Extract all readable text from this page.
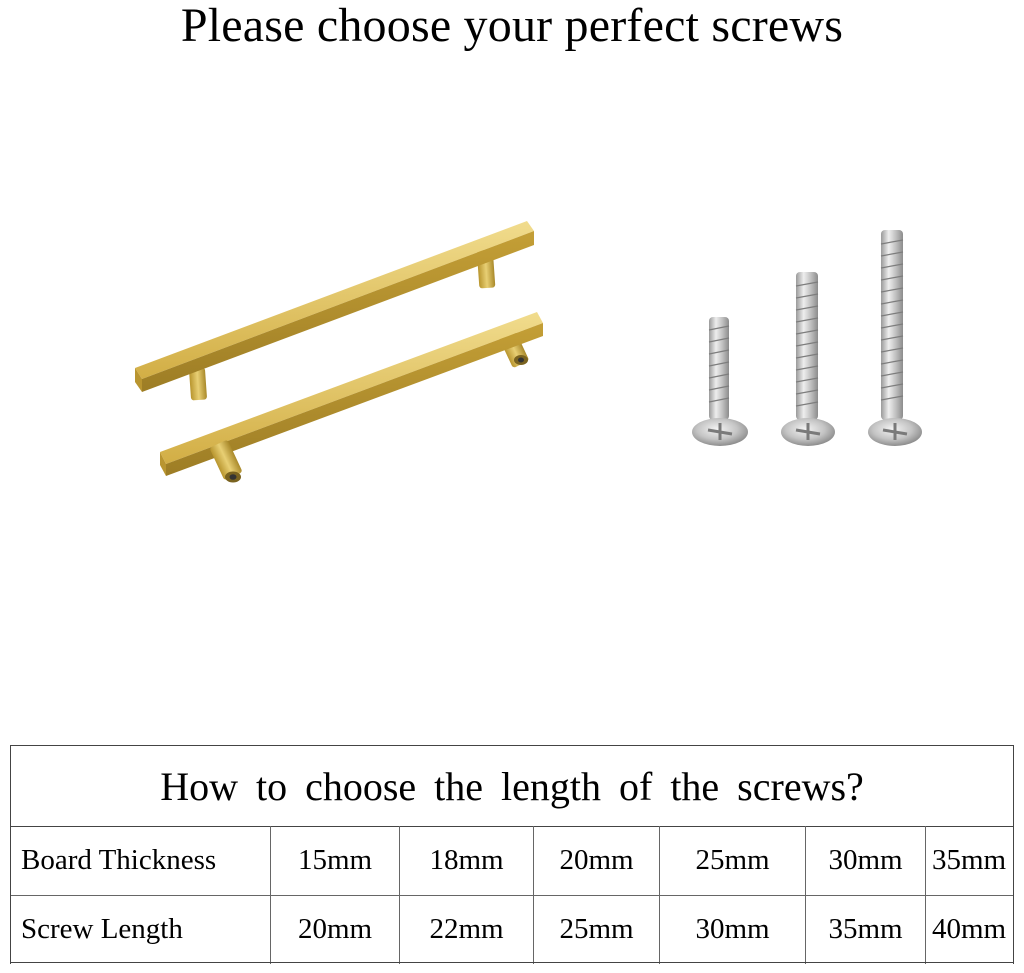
Please choose your perfect screws
How to choose the length of the screws?
Board Thickness	15mm	18mm	20mm	25mm	30mm	35mm
Screw Length	20mm	22mm	25mm	30mm	35mm	40mm
